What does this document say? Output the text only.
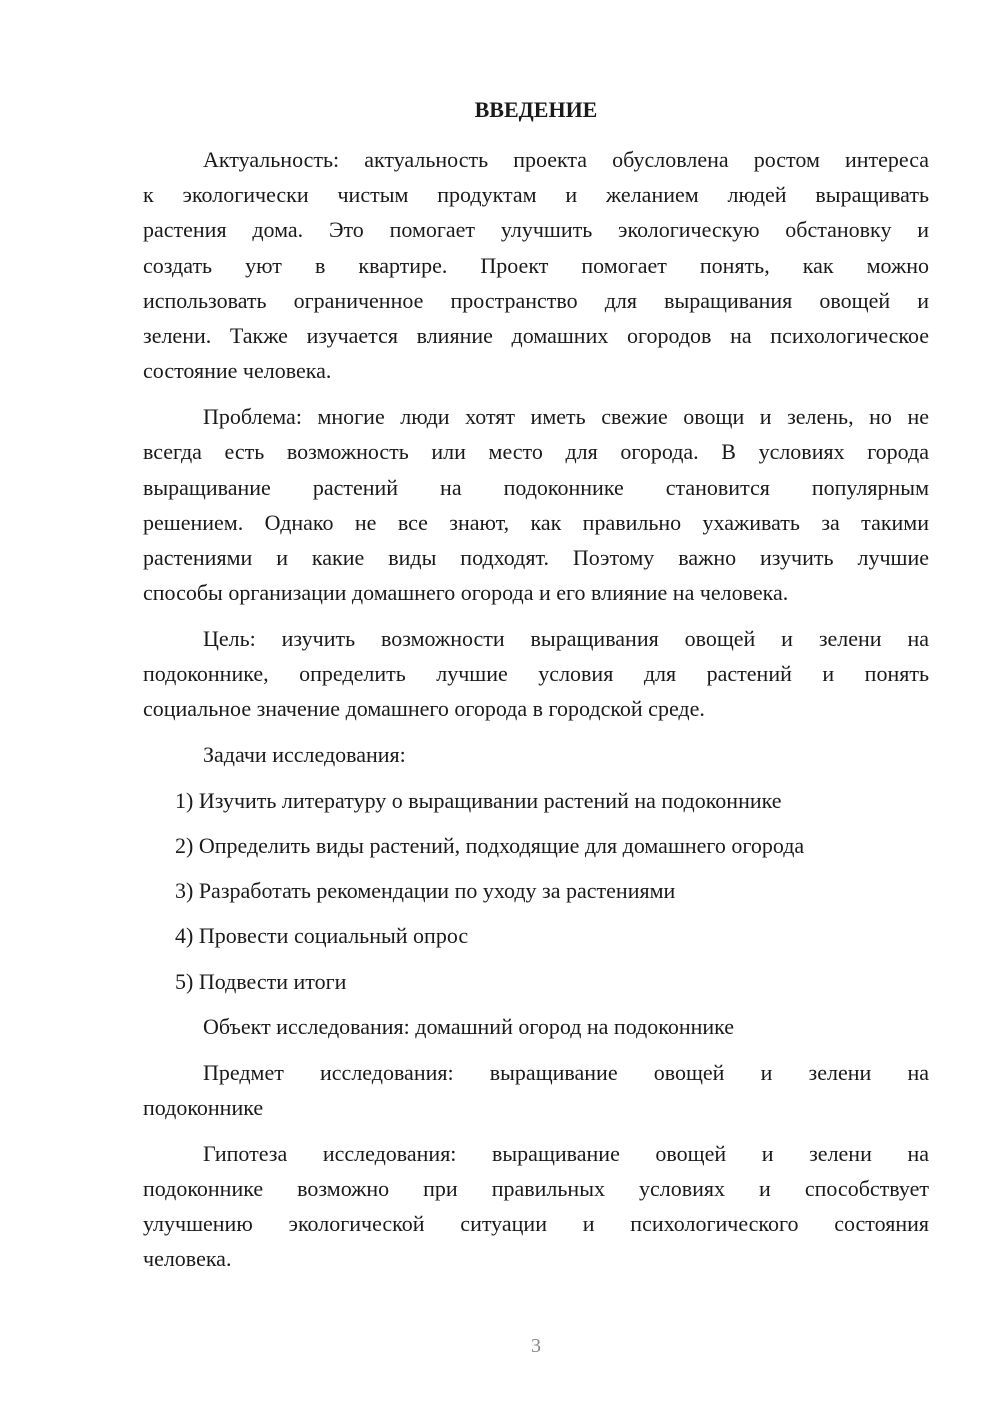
ВВЕДЕНИЕ
Актуальность: актуальность проекта обусловлена ростом интереса
к экологически чистым продуктам и желанием людей выращивать
растения дома. Это помогает улучшить экологическую обстановку и
создать уют в квартире. Проект помогает понять, как можно
использовать ограниченное пространство для выращивания овощей и
зелени. Также изучается влияние домашних огородов на психологическое
состояние человека.
Проблема: многие люди хотят иметь свежие овощи и зелень, но не
всегда есть возможность или место для огорода. В условиях города
выращивание растений на подоконнике становится популярным
решением. Однако не все знают, как правильно ухаживать за такими
растениями и какие виды подходят. Поэтому важно изучить лучшие
способы организации домашнего огорода и его влияние на человека.
Цель: изучить возможности выращивания овощей и зелени на
подоконнике, определить лучшие условия для растений и понять
социальное значение домашнего огорода в городской среде.
Задачи исследования:
1) Изучить литературу о выращивании растений на подоконнике
2) Определить виды растений, подходящие для домашнего огорода
3) Разработать рекомендации по уходу за растениями
4) Провести социальный опрос
5) Подвести итоги
Объект исследования: домашний огород на подоконнике
Предмет исследования: выращивание овощей и зелени на
подоконнике
Гипотеза исследования: выращивание овощей и зелени на
подоконнике возможно при правильных условиях и способствует
улучшению экологической ситуации и психологического состояния
человека.
3
